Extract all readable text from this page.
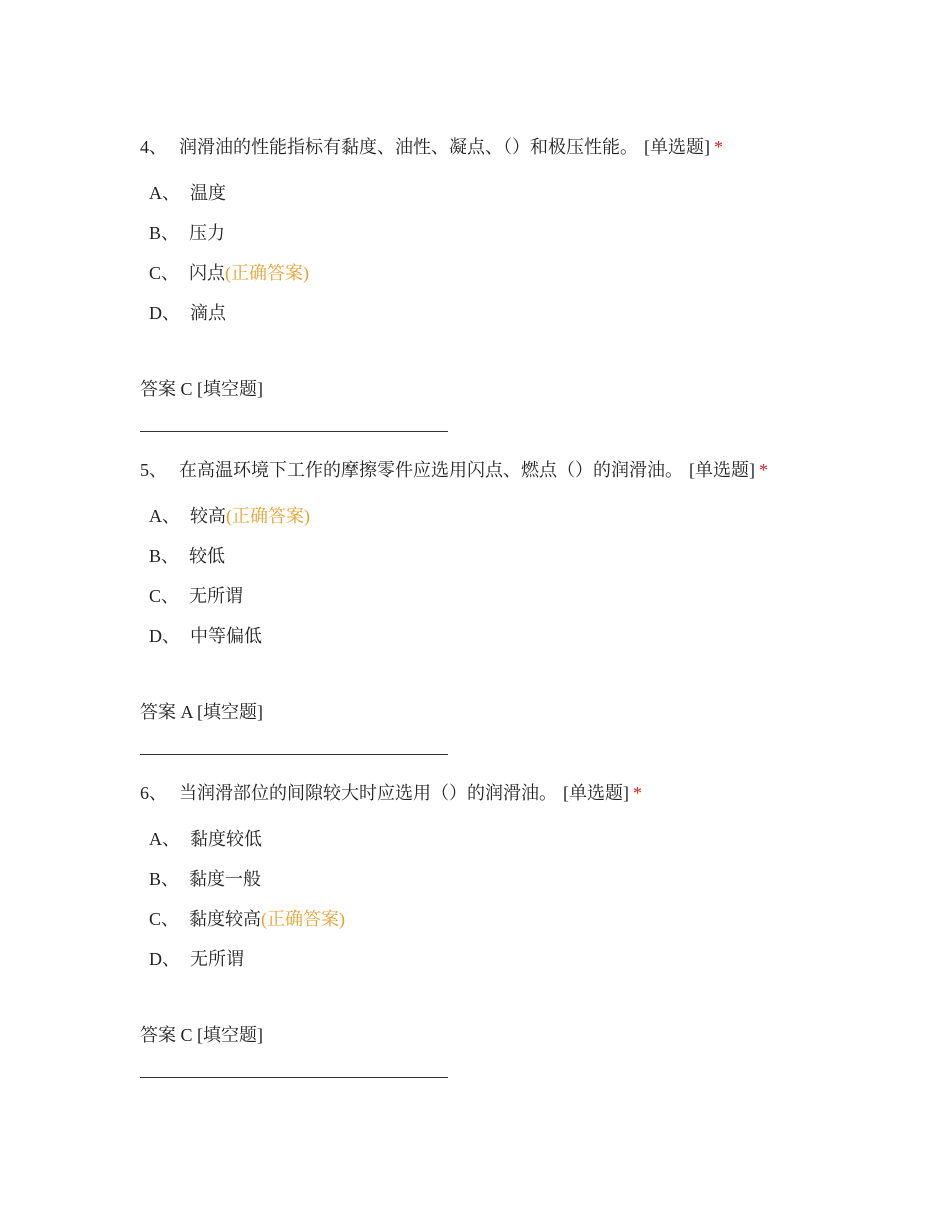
4、 润滑油的性能指标有黏度、油性、凝点、（）和极压性能。 [单选题] *
A、 温度
B、 压力
C、 闪点(正确答案)
D、 滴点
答案 C [填空题]
5、 在高温环境下工作的摩擦零件应选用闪点、燃点（）的润滑油。 [单选题] *
A、 较高(正确答案)
B、 较低
C、 无所谓
D、 中等偏低
答案 A [填空题]
6、 当润滑部位的间隙较大时应选用（）的润滑油。 [单选题] *
A、 黏度较低
B、 黏度一般
C、 黏度较高(正确答案)
D、 无所谓
答案 C [填空题]
